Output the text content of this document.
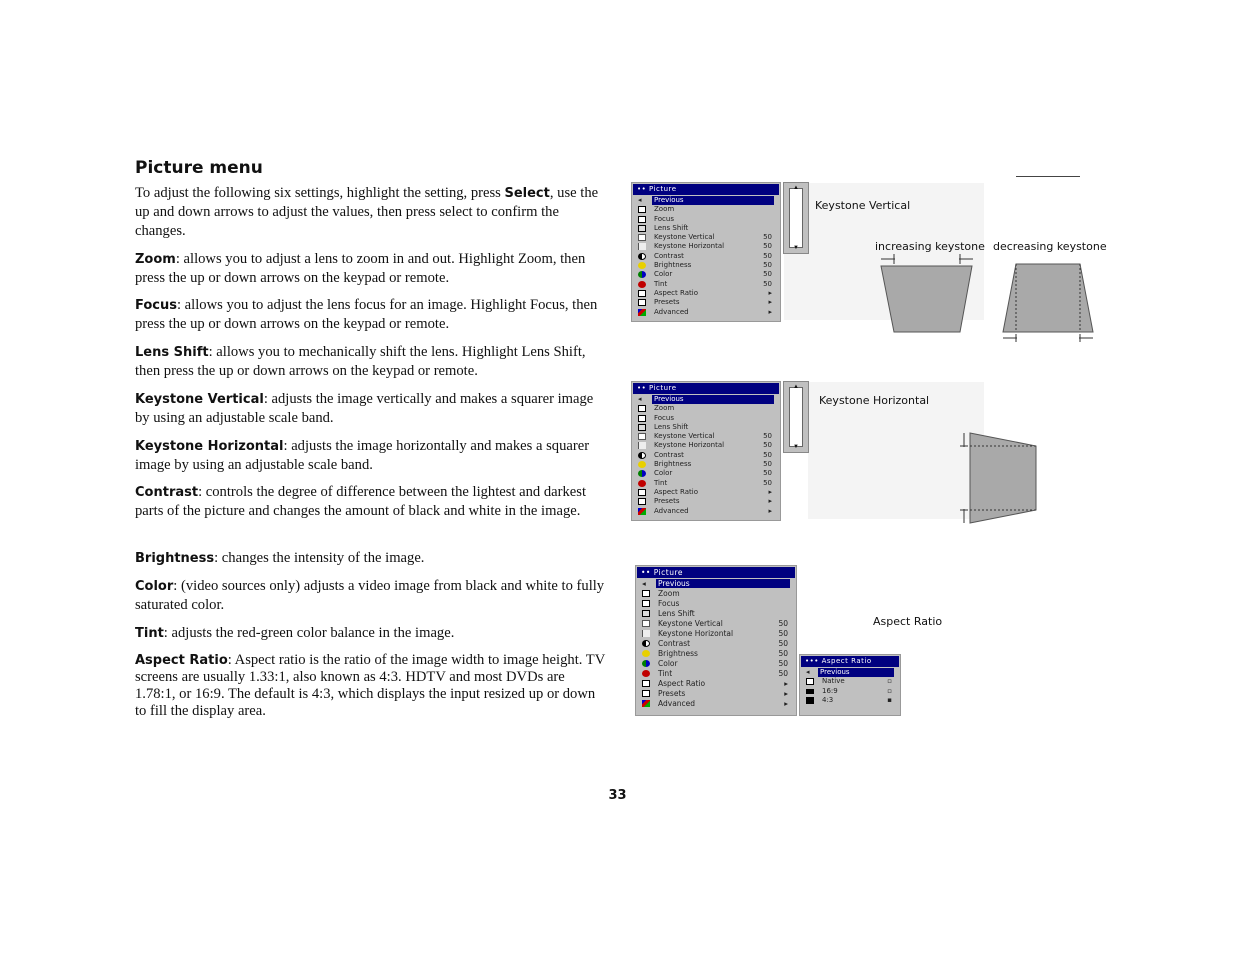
Picture menu

To adjust the following six settings, highlight the setting, press Select, use the up and down arrows to adjust the values, then press select to confirm the changes.

Zoom: allows you to adjust a lens to zoom in and out. Highlight Zoom, then press the up or down arrows on the keypad or remote.

Focus: allows you to adjust the lens focus for an image. Highlight Focus, then press the up or down arrows on the keypad or remote.

Lens Shift: allows you to mechanically shift the lens. Highlight Lens Shift, then press the up or down arrows on the keypad or remote.

Keystone Vertical: adjusts the image vertically and makes a squarer image by using an adjustable scale band.

Keystone Horizontal: adjusts the image horizontally and makes a squarer image by using an adjustable scale band.

Contrast: controls the degree of difference between the lightest and darkest parts of the picture and changes the amount of black and white in the image.

Brightness: changes the intensity of the image.

Color: (video sources only) adjusts a video image from black and white to fully saturated color.

Tint: adjusts the red-green color balance in the image.

Aspect Ratio: Aspect ratio is the ratio of the image width to image height. TV screens are usually 1.33:1, also known as 4:3. HDTV and most DVDs are 1.78:1, or 16:9. The default is 4:3, which displays the input resized up or down to fill the display area.

•• Picture
◂ Previous
Zoom
Focus
Lens Shift
Keystone Vertical	50
Keystone Horizontal	50
Contrast	50
Brightness	50
Color	50
Tint	50
Aspect Ratio	▸
Presets	▸
Advanced	▸
▲
▼
Keystone Vertical
increasing keystone decreasing keystone
•• Picture
◂ Previous
Zoom
Focus
Lens Shift
Keystone Vertical	50
Keystone Horizontal	50
Contrast	50
Brightness	50
Color	50
Tint	50
Aspect Ratio	▸
Presets	▸
Advanced	▸
▲
▼
Keystone Horizontal
•• Picture
◂ Previous
Zoom
Focus
Lens Shift
Keystone Vertical	50
Keystone Horizontal	50
Contrast	50
Brightness	50
Color	50
Tint	50
Aspect Ratio	▸
Presets	▸
Advanced	▸
Aspect Ratio
••• Aspect Ratio
◂ Previous
Native	▫
16:9	▫
4:3	▪
33
